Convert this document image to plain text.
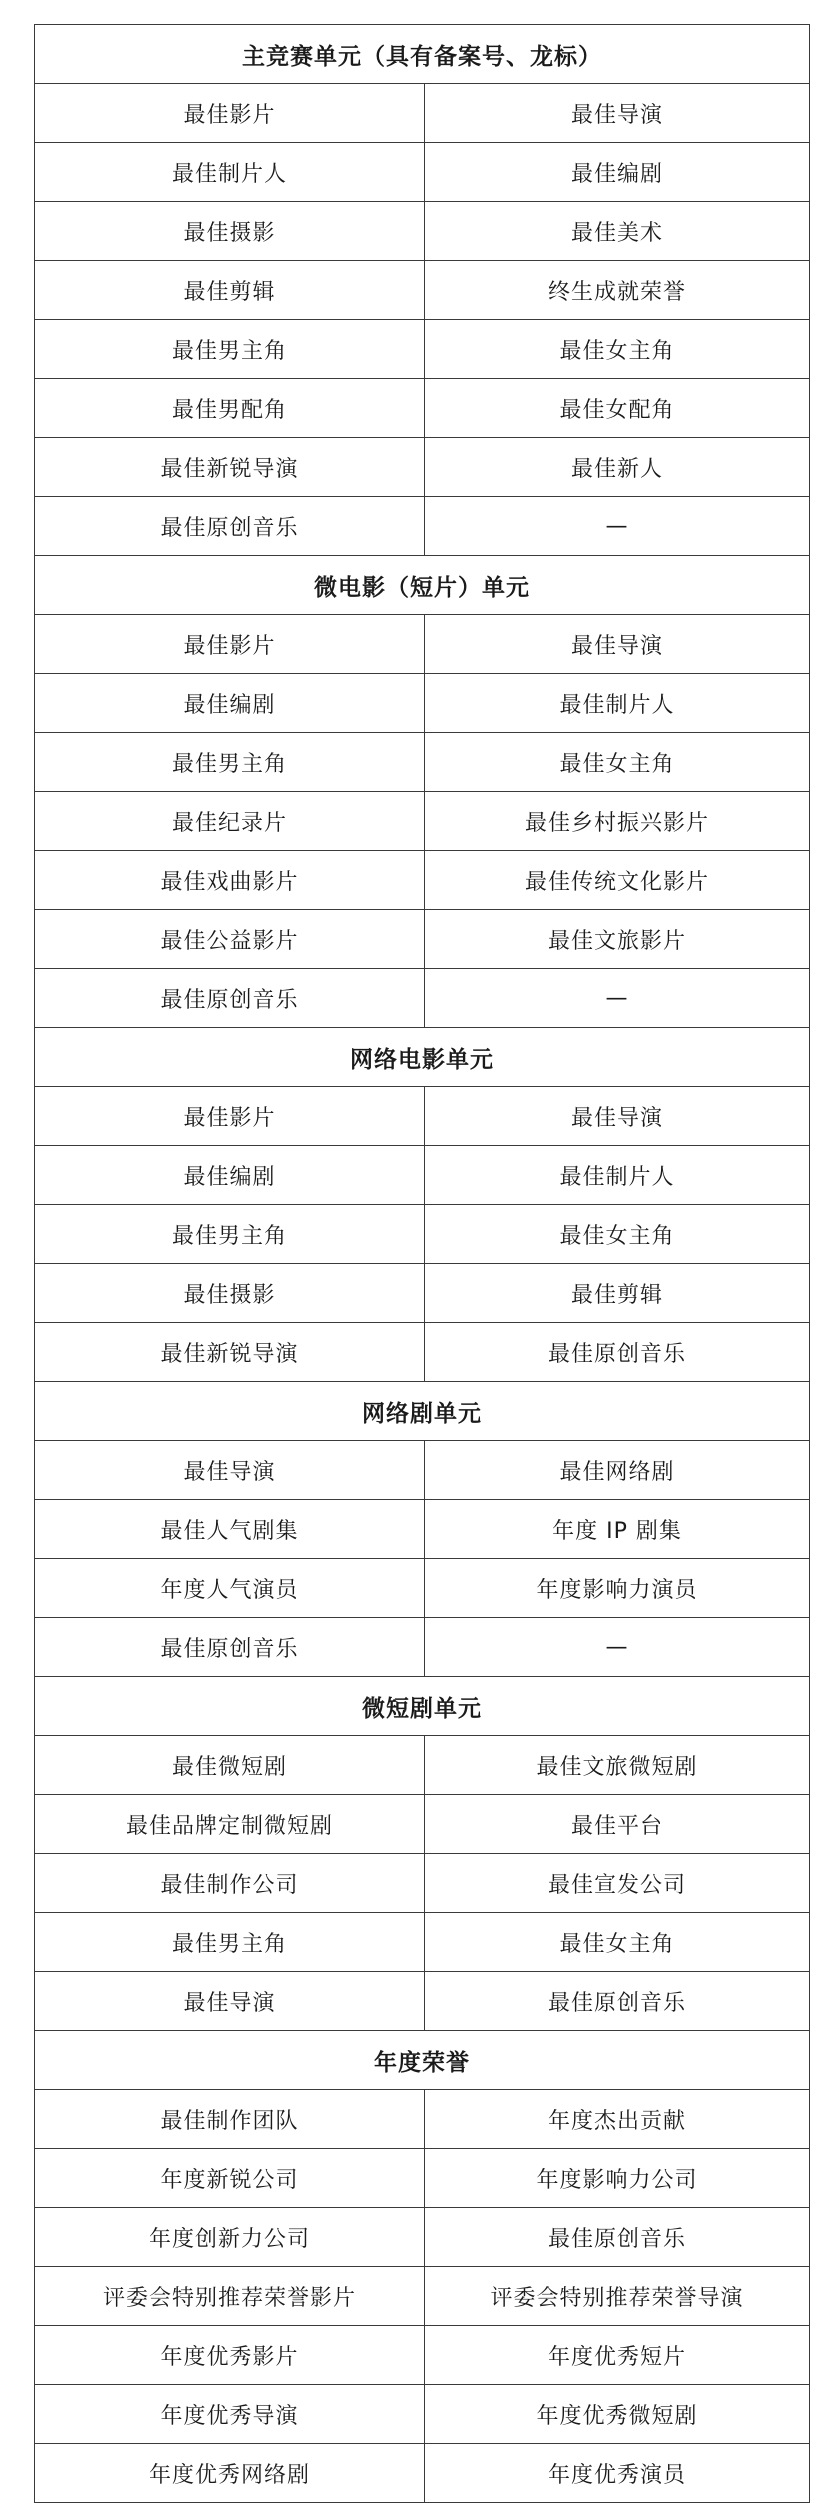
主竞赛单元（具有备案号、龙标）	
最佳影片	最佳导演
最佳制片人	最佳编剧
最佳摄影	最佳美术
最佳剪辑	终生成就荣誉
最佳男主角	最佳女主角
最佳男配角	最佳女配角
最佳新锐导演	最佳新人
最佳原创音乐	—
微电影（短片）单元	
最佳影片	最佳导演
最佳编剧	最佳制片人
最佳男主角	最佳女主角
最佳纪录片	最佳乡村振兴影片
最佳戏曲影片	最佳传统文化影片
最佳公益影片	最佳文旅影片
最佳原创音乐	—
网络电影单元	
最佳影片	最佳导演
最佳编剧	最佳制片人
最佳男主角	最佳女主角
最佳摄影	最佳剪辑
最佳新锐导演	最佳原创音乐
网络剧单元	
最佳导演	最佳网络剧
最佳人气剧集	年度 IP 剧集
年度人气演员	年度影响力演员
最佳原创音乐	—
微短剧单元	
最佳微短剧	最佳文旅微短剧
最佳品牌定制微短剧	最佳平台
最佳制作公司	最佳宣发公司
最佳男主角	最佳女主角
最佳导演	最佳原创音乐
年度荣誉	
最佳制作团队	年度杰出贡献
年度新锐公司	年度影响力公司
年度创新力公司	最佳原创音乐
评委会特别推荐荣誉影片	评委会特别推荐荣誉导演
年度优秀影片	年度优秀短片
年度优秀导演	年度优秀微短剧
年度优秀网络剧	年度优秀演员
